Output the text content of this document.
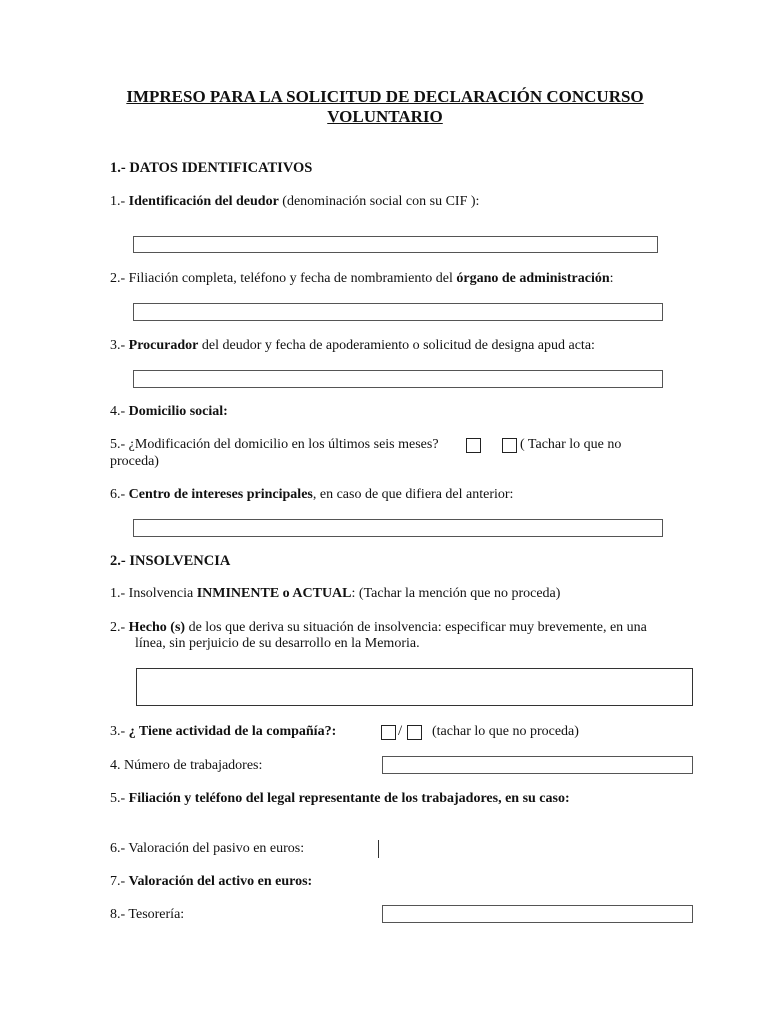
IMPRESO PARA LA SOLICITUD DE DECLARACIÓN CONCURSO
VOLUNTARIO
1.- DATOS IDENTIFICATIVOS
1.- Identificación del deudor (denominación social con su CIF ):
2.- Filiación completa, teléfono y fecha de nombramiento del órgano de administración:
3.- Procurador del deudor y fecha de apoderamiento o solicitud de designa apud acta:
4.- Domicilio social:
5.- ¿Modificación del domicilio en los últimos seis meses?	( Tachar lo que no
proceda)
6.- Centro de intereses principales, en caso de que difiera del anterior:
2.- INSOLVENCIA
1.- Insolvencia INMINENTE o ACTUAL: (Tachar la mención que no proceda)
2.- Hecho (s) de los que deriva su situación de insolvencia: especificar muy brevemente, en una
línea, sin perjuicio de su desarrollo en la Memoria.
3.- ¿ Tiene actividad de la compañía?:	/ (tachar lo que no proceda)
4. Número de trabajadores:
5.- Filiación y teléfono del legal representante de los trabajadores, en su caso:
6.- Valoración del pasivo en euros:
7.- Valoración del activo en euros:
8.- Tesorería:
